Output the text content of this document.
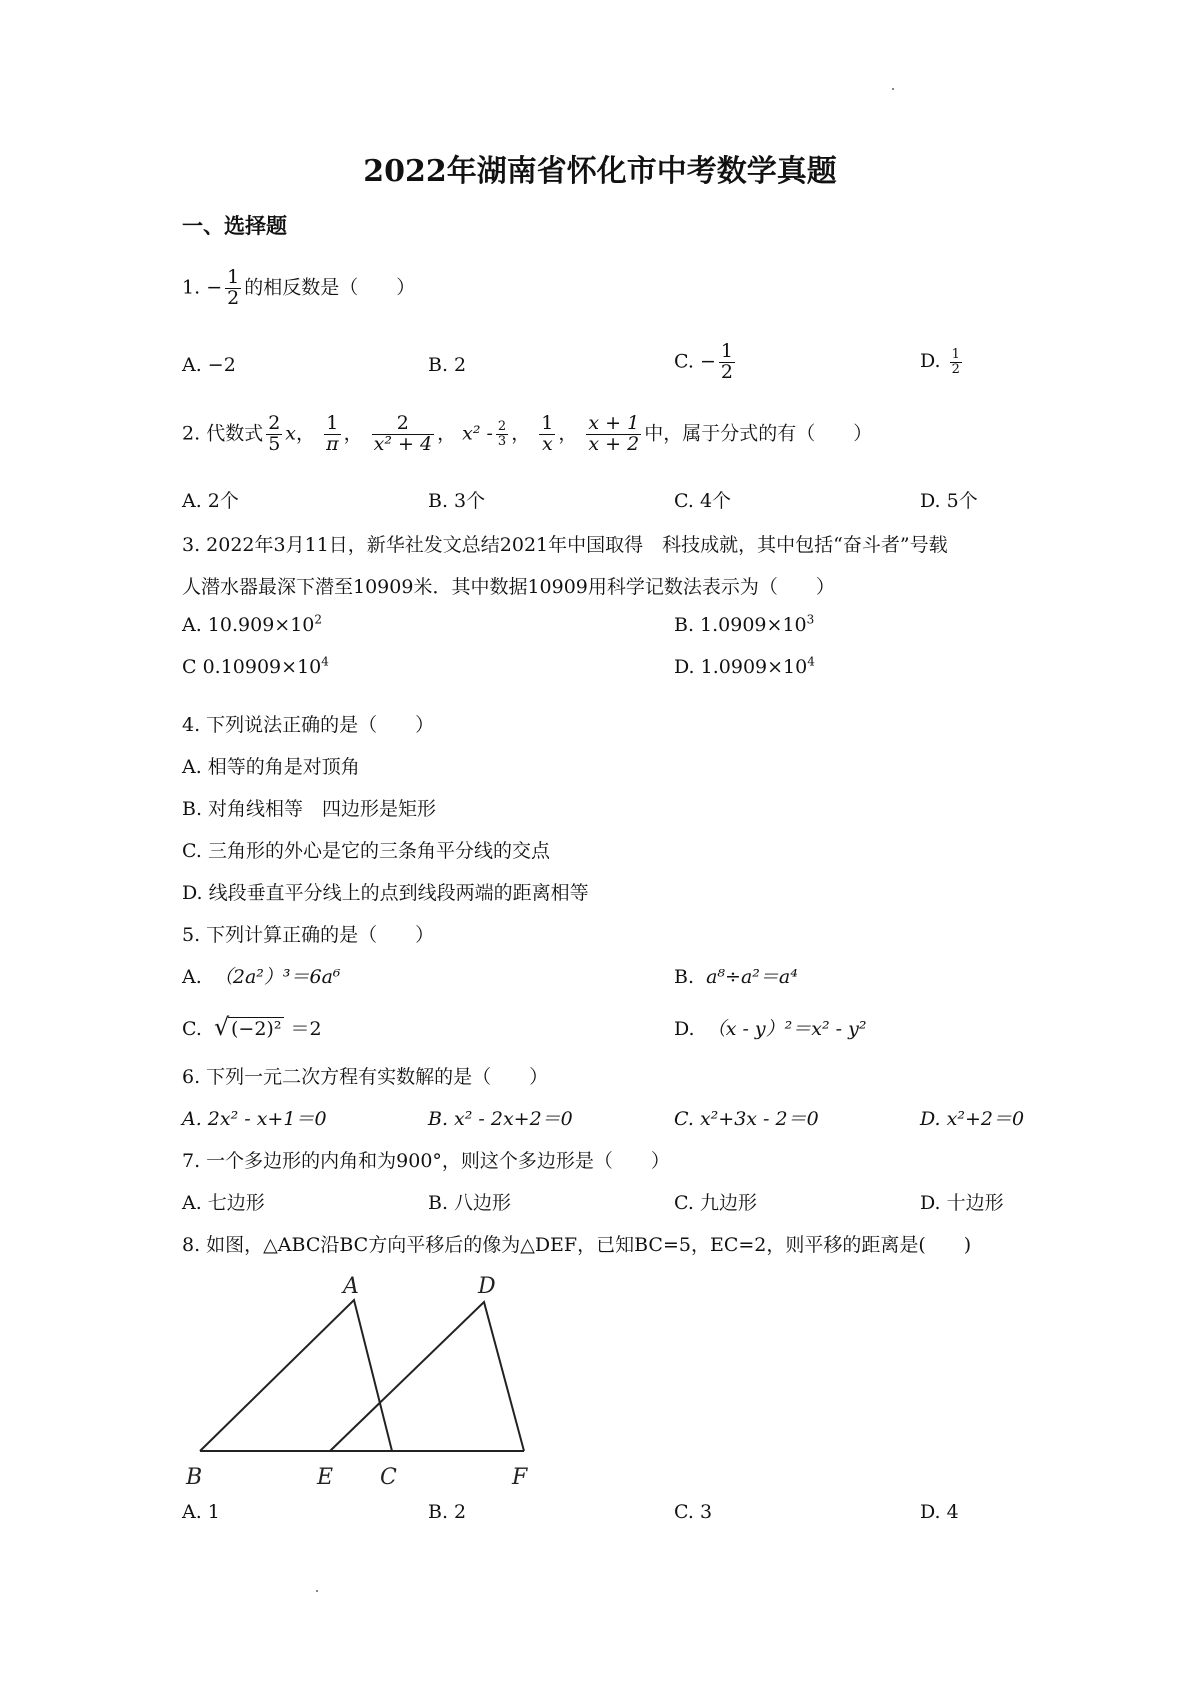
2022年湖南省怀化市中考数学真题
一、选择题
1. − $\frac{1}{2}$ 的相反数是（　　）
A. −2	B. 2	C. − $\frac{1}{2}$	D. $\frac{1}{2}$
2. 代数式 $\frac{2}{5}$ x， $\frac{1}{\pi}$ ， $\frac{2}{\text{x² + 4}}$ ， $x^2 - \frac{2}{3}$ ， $\frac{1}{x}$ ， $\frac{x + 1}{x + 2}$ 中，属于分式的有（　　）
A. 2个	B. 3个	C. 4个	D. 5个
3. 2022年3月11日，新华社发文总结2021年中国取得　科技成就，其中包括“奋斗者”号载
人潜水器最深下潜至10909米．其中数据10909用科学记数法表示为（　　）
A. $10.909\times 10^2$	B. $1.0909\times 10^3$
C $0.10909\times 10^4$	D. $1.0909\times 10^4$
4. 下列说法正确的是（　　）
A. 相等的角是对顶角
B. 对角线相等　四边形是矩形
C. 三角形的外心是它的三条角平分线的交点
D. 线段垂直平分线上的点到线段两端的距离相等
5. 下列计算正确的是（　　）
A. （2a²）³＝6a⁶	B. a⁸÷a²＝a⁴
C. √ (−2)² ＝2	D. （x - y）²＝x² - y²
6. 下列一元二次方程有实数解的是（　　）
A. 2x² - x+1＝0	B. x² - 2x+2＝0	C. x²+3x - 2＝0	D. x²+2＝0
7. 一个多边形的内角和为900°，则这个多边形是（　　）
A. 七边形	B. 八边形	C. 九边形	D. 十边形
8. 如图，△ABC沿BC方向平移后的像为△DEF，已知BC=5，EC=2，则平移的距离是(　　)
A	D
B	E C	F
A. 1	B. 2	C. 3	D. 4
